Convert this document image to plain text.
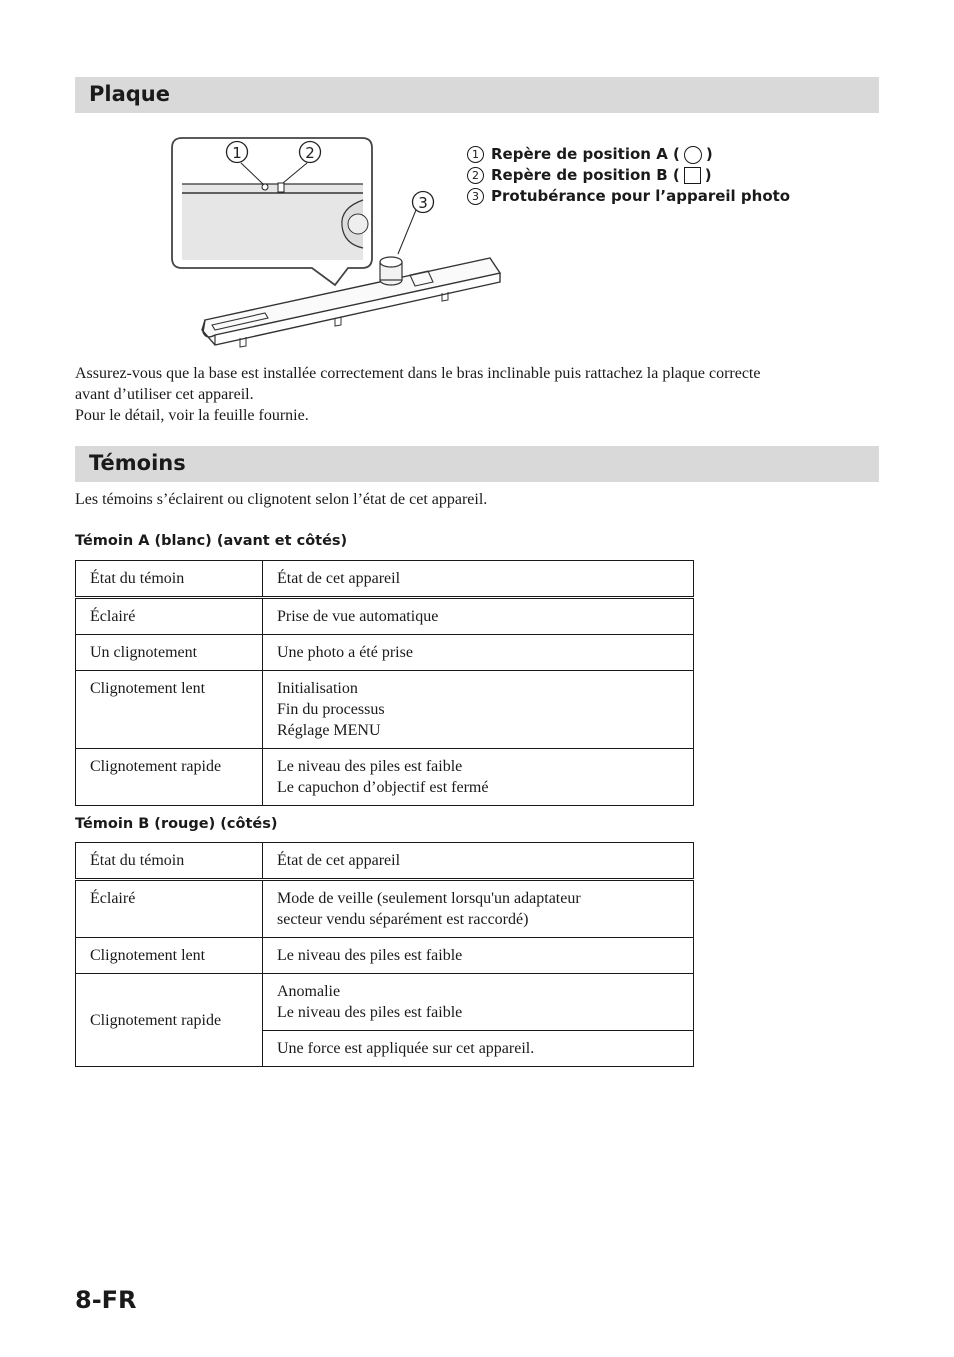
Plaque
1	2
3
1 Repère de position A ( ○ )
2 Repère de position B ( )
3 Protubérance pour l’appareil photo
Assurez-vous que la base est installée correctement dans le bras inclinable puis rattachez la plaque correcte
avant d’utiliser cet appareil.
Pour le détail, voir la feuille fournie.
Témoins
Les témoins s’éclairent ou clignotent selon l’état de cet appareil.
Témoin A (blanc) (avant et côtés)
État du témoin	État de cet appareil
Éclairé	Prise de vue automatique

Un clignotement	Une photo a été prise

Clignotement lent	Initialisation
Fin du processus
Réglage MENU

Clignotement rapide	Le niveau des piles est faible
Le capuchon d’objectif est fermé
Témoin B (rouge) (côtés)
État du témoin	État de cet appareil
Éclairé	Mode de veille (seulement lorsqu'un adaptateur
secteur vendu séparément est raccordé)

Clignotement lent	Le niveau des piles est faible

Clignotement rapide	Anomalie
Le niveau des piles est faible

	Une force est appliquée sur cet appareil.
8-FR
